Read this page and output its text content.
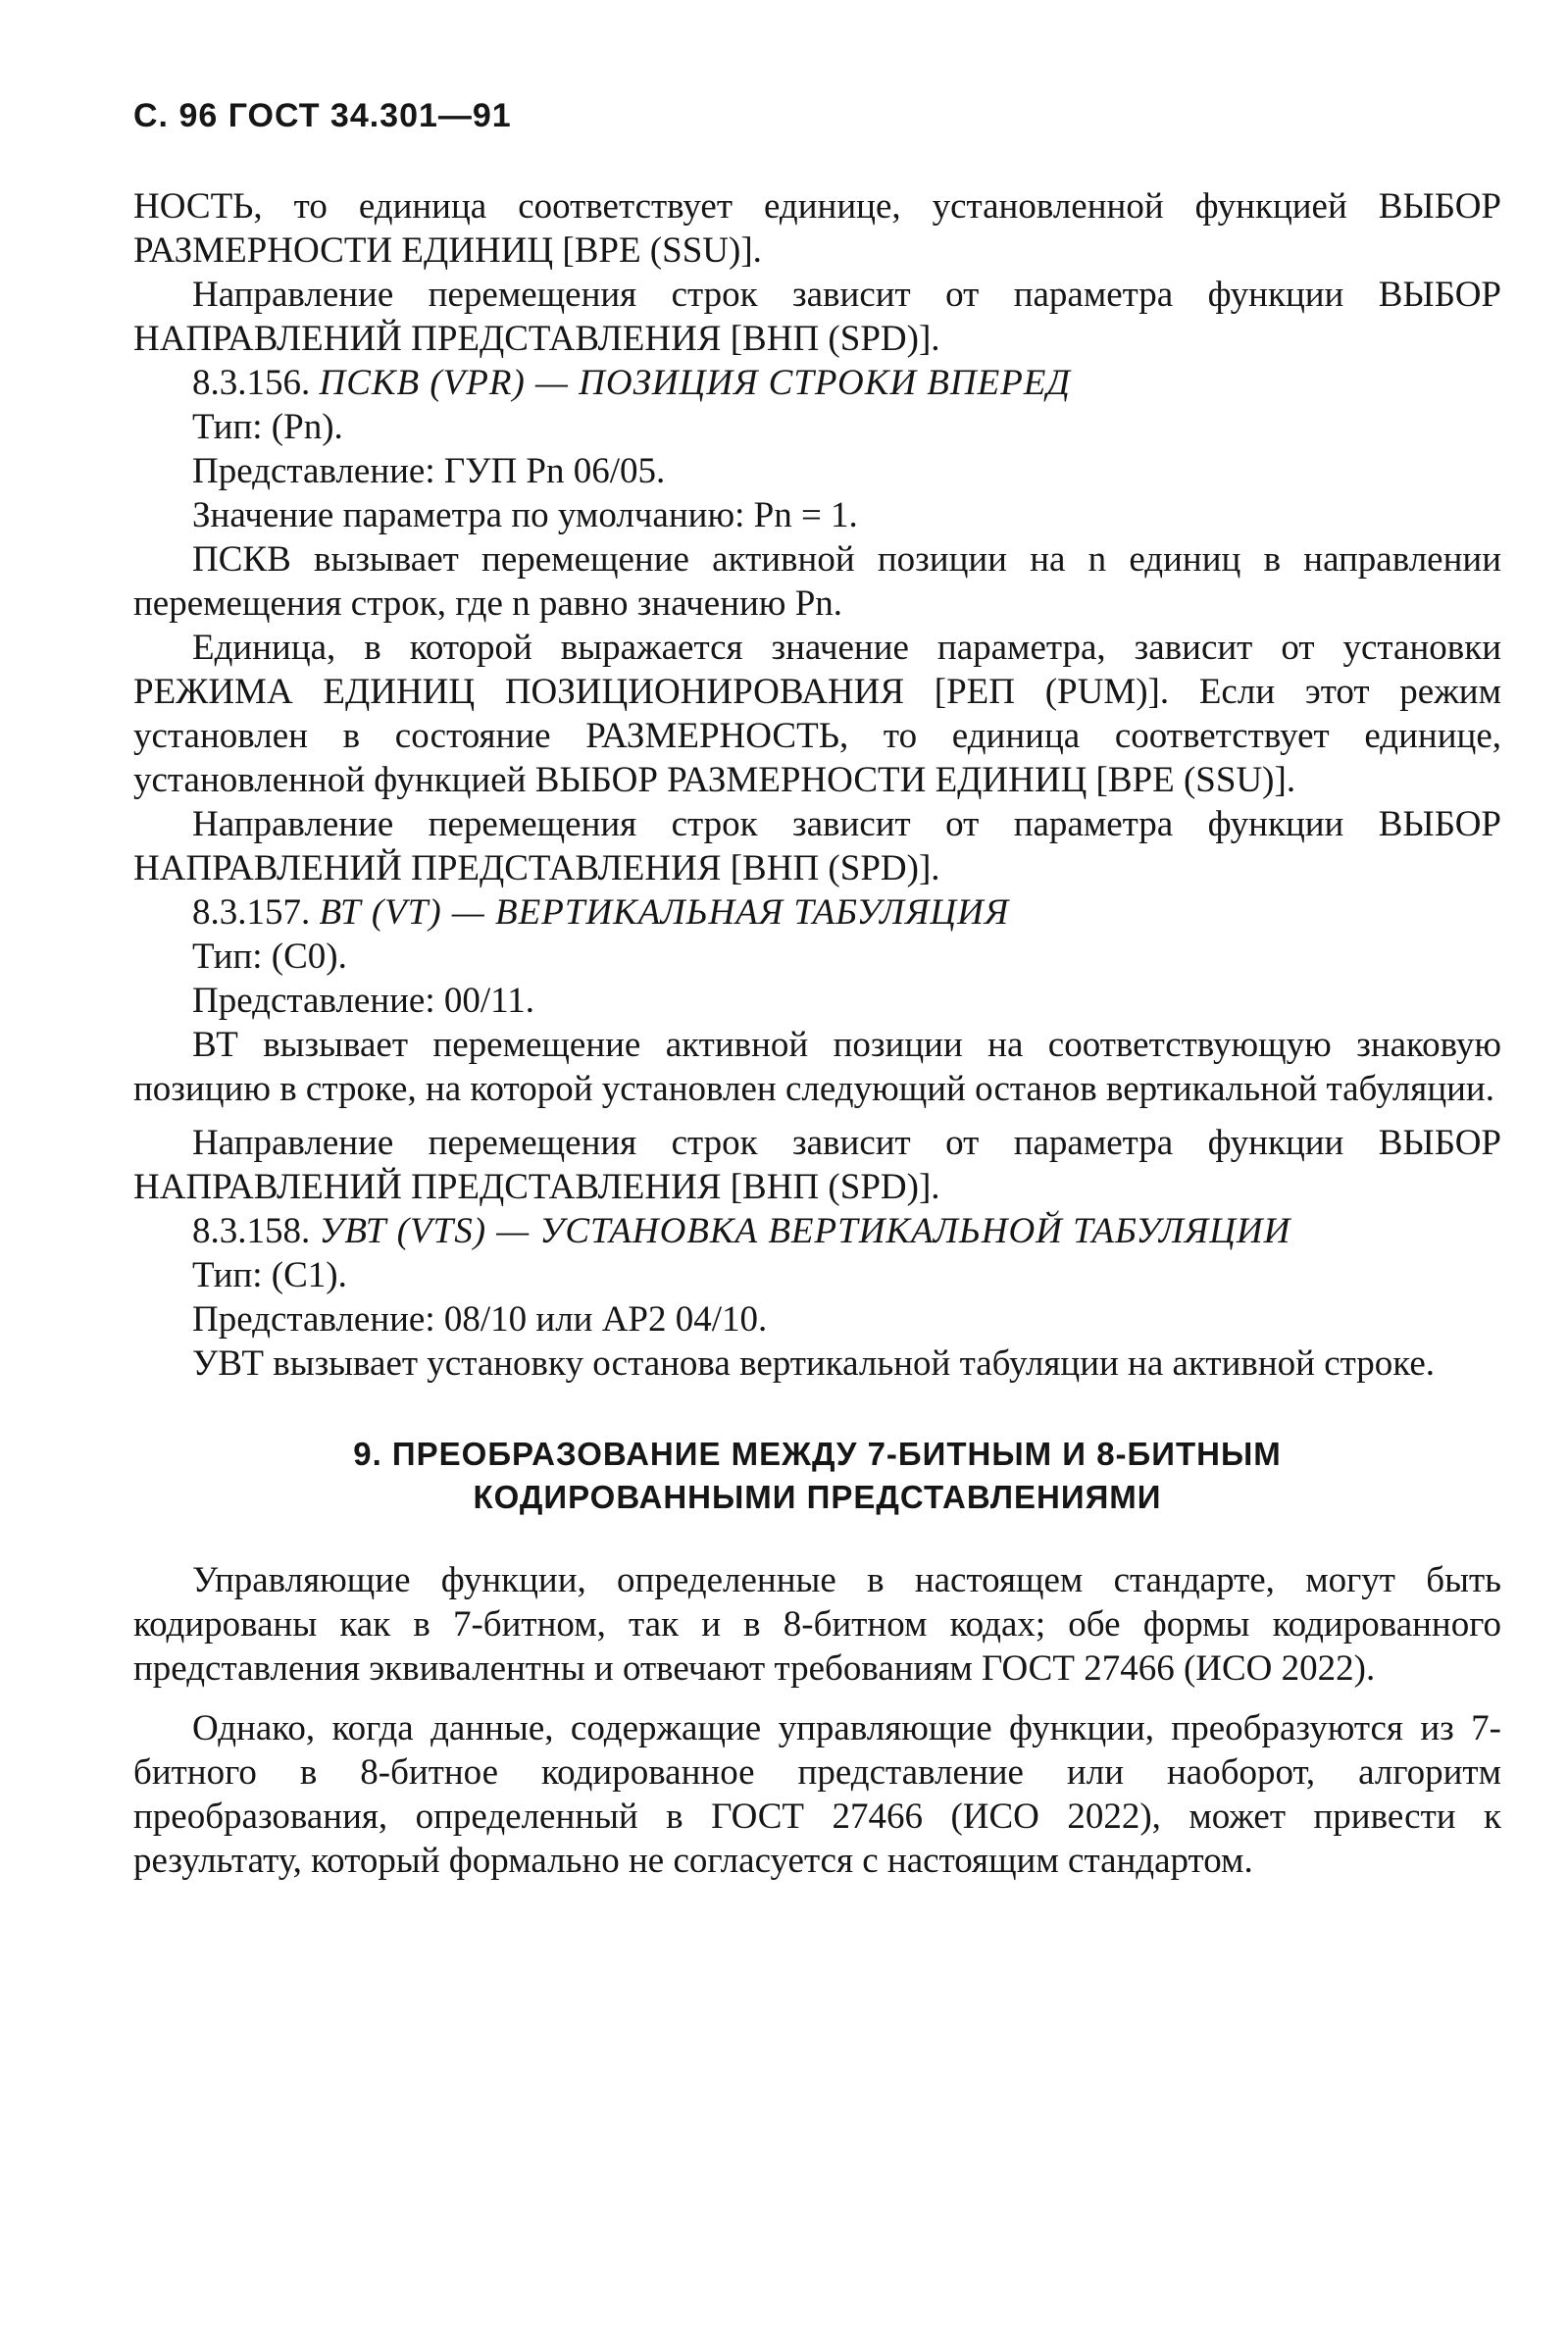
С. 96 ГОСТ 34.301—91

НОСТЬ, то единица соответствует единице, установленной функцией ВЫБОР РАЗМЕРНОСТИ ЕДИНИЦ [ВРЕ (SSU)].

Направление перемещения строк зависит от параметра функции ВЫБОР НАПРАВЛЕНИЙ ПРЕДСТАВЛЕНИЯ [ВНП (SPD)].

8.3.156. ПСКВ (VPR) — ПОЗИЦИЯ СТРОКИ ВПЕРЕД
Тип: (Рn).
Представление: ГУП Рn 06/05.
Значение параметра по умолчанию: Рn = 1.

ПСКВ вызывает перемещение активной позиции на n единиц в направлении перемещения строк, где n равно значению Рn.

Единица, в которой выражается значение параметра, зависит от установки РЕЖИМА ЕДИНИЦ ПОЗИЦИОНИРОВАНИЯ [РЕП (PUM)]. Если этот режим установлен в состояние РАЗМЕРНОСТЬ, то единица соответствует единице, установленной функцией ВЫБОР РАЗМЕРНОСТИ ЕДИНИЦ [ВРЕ (SSU)].

Направление перемещения строк зависит от параметра функции ВЫБОР НАПРАВЛЕНИЙ ПРЕДСТАВЛЕНИЯ [ВНП (SPD)].

8.3.157. ВТ (VT) — ВЕРТИКАЛЬНАЯ ТАБУЛЯЦИЯ
Тип: (С0).
Представление: 00/11.

ВТ вызывает перемещение активной позиции на соответствующую знаковую позицию в строке, на которой установлен следующий останов вертикальной табуляции.

Направление перемещения строк зависит от параметра функции ВЫБОР НАПРАВЛЕНИЙ ПРЕДСТАВЛЕНИЯ [ВНП (SPD)].

8.3.158. УВТ (VTS) — УСТАНОВКА ВЕРТИКАЛЬНОЙ ТАБУЛЯЦИИ

Тип: (С1).
Представление: 08/10 или АР2 04/10.

УВТ вызывает установку останова вертикальной табуляции на активной строке.

9. ПРЕОБРАЗОВАНИЕ МЕЖДУ 7-БИТНЫМ И 8-БИТНЫМ
КОДИРОВАННЫМИ ПРЕДСТАВЛЕНИЯМИ

Управляющие функции, определенные в настоящем стандарте, могут быть кодированы как в 7-битном, так и в 8-битном кодах; обе формы кодированного представления эквивалентны и отвечают требованиям ГОСТ 27466 (ИСО 2022).

Однако, когда данные, содержащие управляющие функции, преобразуются из 7-битного в 8-битное кодированное представление или наоборот, алгоритм преобразования, определенный в ГОСТ 27466 (ИСО 2022), может привести к результату, который формально не согласуется с настоящим стандартом.
